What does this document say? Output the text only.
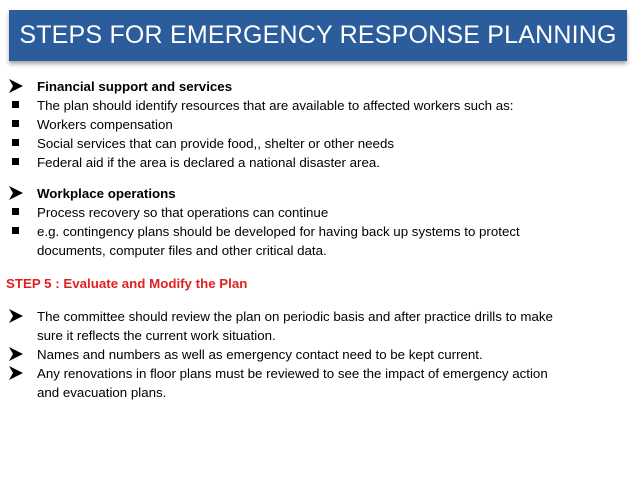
STEPS FOR EMERGENCY RESPONSE PLANNING
Financial support and services
The plan should identify resources that are available to affected workers such as:
Workers compensation
Social services that can provide food,, shelter or other needs
Federal aid if the area is declared a national disaster area.
Workplace operations
Process recovery so that operations can continue
e.g. contingency plans should be developed for having back up systems to protect
documents, computer files and other critical data.
STEP 5 : Evaluate and Modify the Plan
The committee should review the plan on periodic basis and after practice drills to make
sure it reflects the current work situation.
Names and numbers as well as emergency contact need to be kept current.
Any renovations in floor plans must be reviewed to see the impact of emergency action
and evacuation plans.
